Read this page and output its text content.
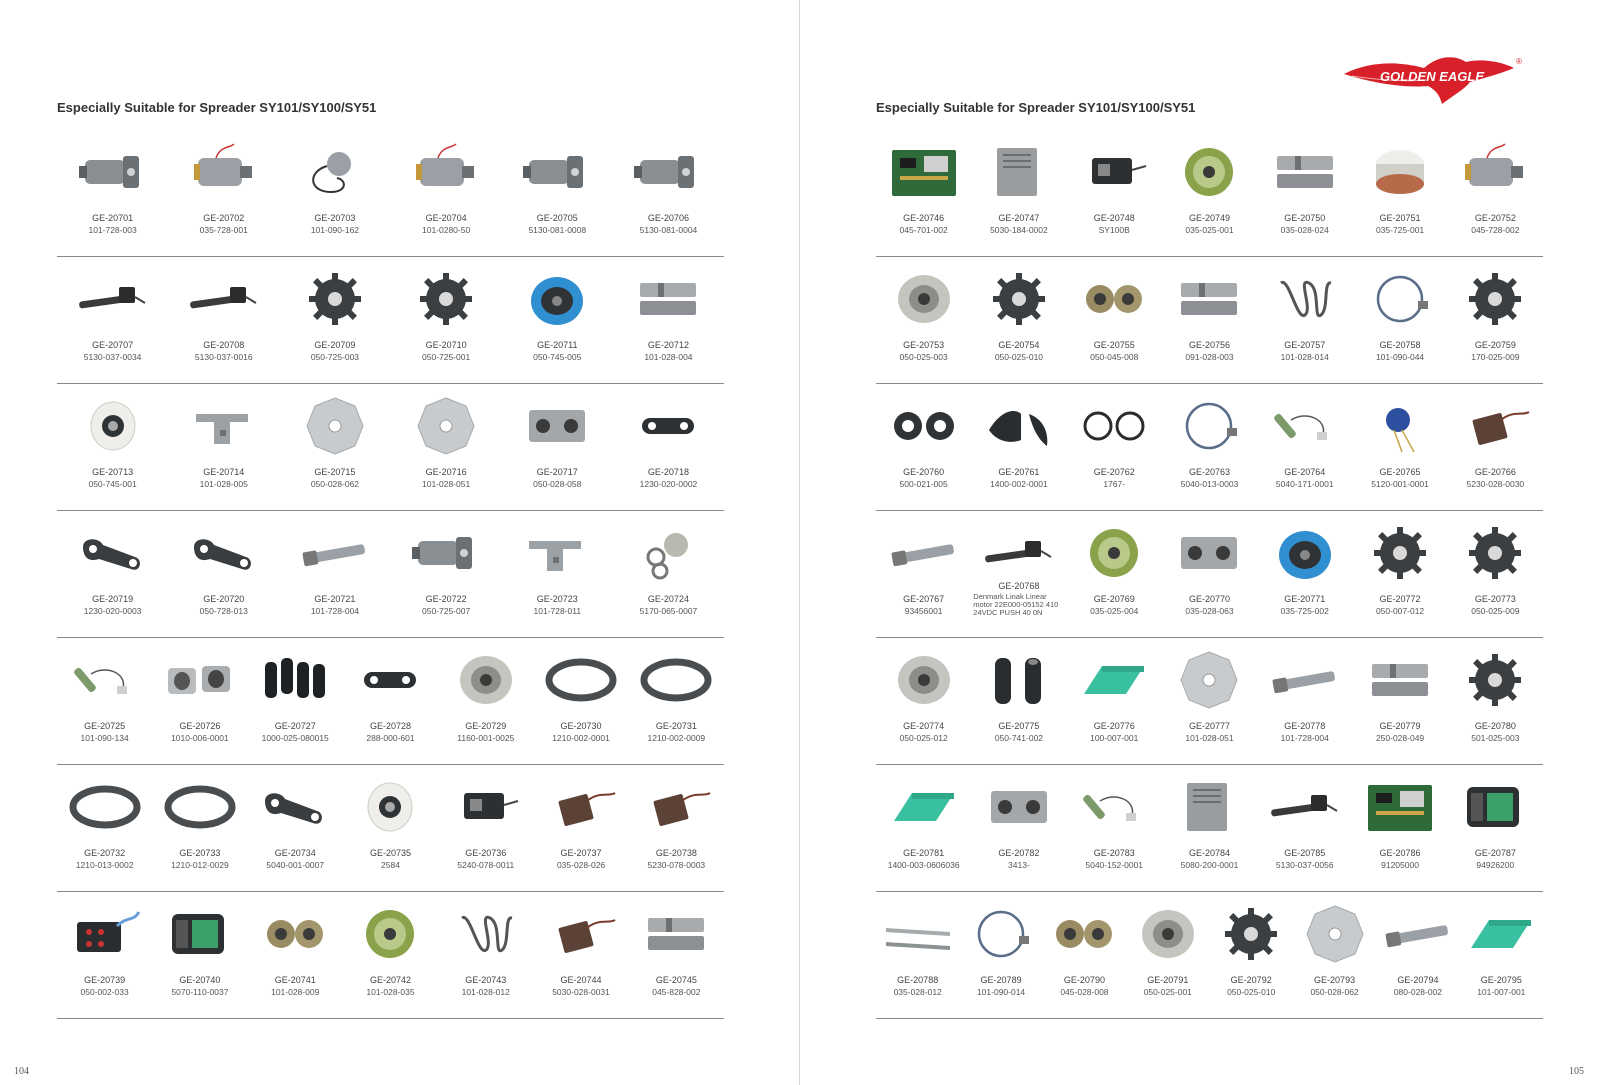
Especially Suitable for Spreader SY101/SY100/SY51
GE-20701
101-728-003
GE-20702
035-728-001
GE-20703
101-090-162
GE-20704
101-0280-50
GE-20705
5130-081-0008
GE-20706
5130-081-0004
GE-20707
5130-037-0034
GE-20708
5130-037-0016
GE-20709
050-725-003
GE-20710
050-725-001
GE-20711
050-745-005
GE-20712
101-028-004
GE-20713
050-745-001
GE-20714
101-028-005
GE-20715
050-028-062
GE-20716
101-028-051
GE-20717
050-028-058
GE-20718
1230-020-0002
GE-20719
1230-020-0003
GE-20720
050-728-013
GE-20721
101-728-004
GE-20722
050-725-007
GE-20723
101-728-011
GE-20724
5170-065-0007
GE-20725
101-090-134
GE-20726
1010-006-0001
GE-20727
1000-025-080015
GE-20728
288-000-601
GE-20729
1160-001-0025
GE-20730
1210-002-0001
GE-20731
1210-002-0009
GE-20732
1210-013-0002
GE-20733
1210-012-0029
GE-20734
5040-001-0007
GE-20735
2584
GE-20736
5240-078-0011
GE-20737
035-028-026
GE-20738
5230-078-0003
GE-20739
050-002-033
GE-20740
5070-110-0037
GE-20741
101-028-009
GE-20742
101-028-035
GE-20743
101-028-012
GE-20744
5030-028-0031
GE-20745
045-828-002
104
GOLDEN EAGLE
®
Especially Suitable for Spreader SY101/SY100/SY51
GE-20746
045-701-002
GE-20747
5030-184-0002
GE-20748
SY100B
GE-20749
035-025-001
GE-20750
035-028-024
GE-20751
035-725-001
GE-20752
045-728-002
GE-20753
050-025-003
GE-20754
050-025-010
GE-20755
050-045-008
GE-20756
091-028-003
GE-20757
101-028-014
GE-20758
101-090-044
GE-20759
170-025-009
GE-20760
500-021-005
GE-20761
1400-002-0001
GE-20762
1767-
GE-20763
5040-013-0003
GE-20764
5040-171-0001
GE-20765
5120-001-0001
GE-20766
5230-028-0030
GE-20767
93456001
GE-20768
Denmark Linak Linear motor 22E000-05152 410 24VDC PUSH 40 0N
GE-20769
035-025-004
GE-20770
035-028-063
GE-20771
035-725-002
GE-20772
050-007-012
GE-20773
050-025-009
GE-20774
050-025-012
GE-20775
050-741-002
GE-20776
100-007-001
GE-20777
101-028-051
GE-20778
101-728-004
GE-20779
250-028-049
GE-20780
501-025-003
GE-20781
1400-003-0606036
GE-20782
3413-
GE-20783
5040-152-0001
GE-20784
5080-200-0001
GE-20785
5130-037-0056
GE-20786
91205000
GE-20787
94926200
GE-20788
035-028-012
GE-20789
101-090-014
GE-20790
045-028-008
GE-20791
050-025-001
GE-20792
050-025-010
GE-20793
050-028-062
GE-20794
080-028-002
GE-20795
101-007-001
105
